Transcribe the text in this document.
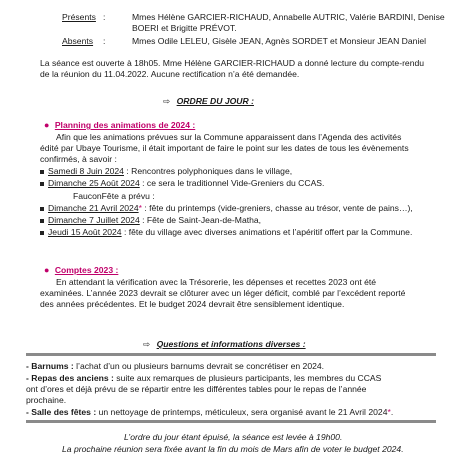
Présents :	Mmes Hélène GARCIER-RICHAUD, Annabelle AUTRIC, Valérie BARDINI, Denise
BOERI et Brigitte PRÉVOT.
Absents :	Mmes Odile LELEU, Gisèle JEAN, Agnès SORDET et Monsieur JEAN Daniel
La séance est ouverte à 18h05. Mme Hélène GARCIER-RICHAUD a donné lecture du compte-rendu
de la réunion du 11.04.2022. Aucune rectification n’a été demandée.
⇨ ORDRE DU JOUR :
● Planning des animations de 2024 :
Afin que les animations prévues sur la Commune apparaissent dans l’Agenda des activités
édité par Ubaye Tourisme, il était important de faire le point sur les dates de tous les évènements
confirmés, à savoir :
Samedi 8 Juin 2024 : Rencontres polyphoniques dans le village,
Dimanche 25 Août 2024 : ce sera le traditionnel Vide-Greniers du CCAS.
FauconFête a prévu :
Dimanche 21 Avril 2024* : fête du printemps (vide-greniers, chasse au trésor, vente de pains…),
Dimanche 7 Juillet 2024 : Fête de Saint-Jean-de-Matha,
Jeudi 15 Août 2024 : fête du village avec diverses animations et l’apéritif offert par la Commune.
● Comptes 2023 :
En attendant la vérification avec la Trésorerie, les dépenses et recettes 2023 ont été
examinées. L’année 2023 devrait se clôturer avec un léger déficit, comblé par l’excédent reporté
des années précédentes. Et le budget 2024 devrait être sensiblement identique.
⇨ Questions et informations diverses :
- Barnums : l’achat d’un ou plusieurs barnums devrait se concrétiser en 2024.
- Repas des anciens : suite aux remarques de plusieurs participants, les membres du CCAS
ont d’ores et déjà prévu de se répartir entre les différentes tables pour le repas de l’année
prochaine.
- Salle des fêtes : un nettoyage de printemps, méticuleux, sera organisé avant le 21 Avril 2024*.
L’ordre du jour étant épuisé, la séance est levée à 19h00.
La prochaine réunion sera fixée avant la fin du mois de Mars afin de voter le budget 2024.
